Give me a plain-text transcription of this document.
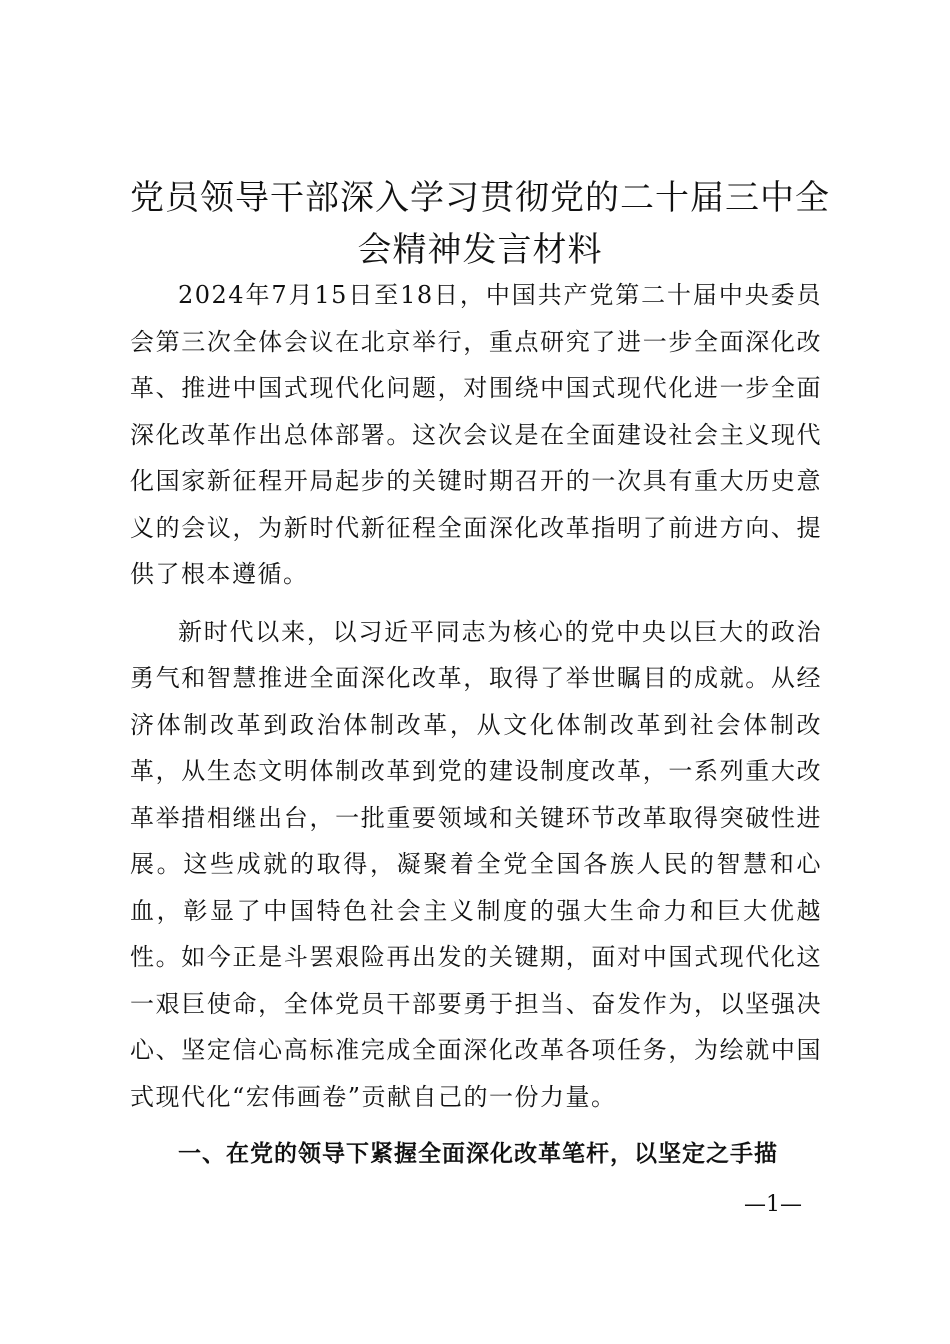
党员领导干部深入学习贯彻党的二十届三中全会精神发言材料

2024年7月15日至18日，中国共产党第二十届中央委员会第三次全体会议在北京举行，重点研究了进一步全面深化改革、推进中国式现代化问题，对围绕中国式现代化进一步全面深化改革作出总体部署。这次会议是在全面建设社会主义现代化国家新征程开局起步的关键时期召开的一次具有重大历史意义的会议，为新时代新征程全面深化改革指明了前进方向、提供了根本遵循。

新时代以来，以习近平同志为核心的党中央以巨大的政治勇气和智慧推进全面深化改革，取得了举世瞩目的成就。从经济体制改革到政治体制改革，从文化体制改革到社会体制改革，从生态文明体制改革到党的建设制度改革，一系列重大改革举措相继出台，一批重要领域和关键环节改革取得突破性进展。这些成就的取得，凝聚着全党全国各族人民的智慧和心血，彰显了中国特色社会主义制度的强大生命力和巨大优越性。如今正是斗罢艰险再出发的关键期，面对中国式现代化这一艰巨使命，全体党员干部要勇于担当、奋发作为，以坚强决心、坚定信心高标准完成全面深化改革各项任务，为绘就中国式现代化“宏伟画卷”贡献自己的一份力量。

一、在党的领导下紧握全面深化改革笔杆，以坚定之手描

—1—
